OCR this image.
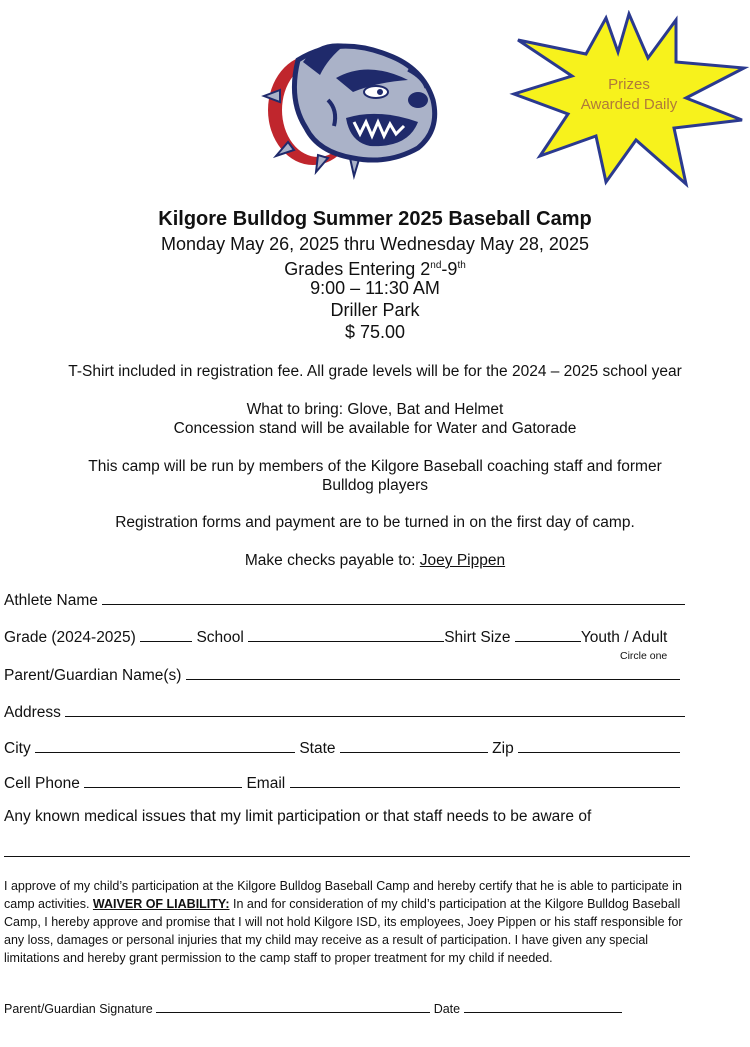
Prizes
Awarded Daily
Kilgore Bulldog Summer 2025 Baseball Camp
Monday May 26, 2025 thru Wednesday May 28, 2025
Grades Entering 2nd-9th
9:00 – 11:30 AM
Driller Park
$ 75.00
T-Shirt included in registration fee. All grade levels will be for the 2024 – 2025 school year
What to bring: Glove, Bat and Helmet
Concession stand will be available for Water and Gatorade
This camp will be run by members of the Kilgore Baseball coaching staff and former
Bulldog players
Registration forms and payment are to be turned in on the first day of camp.
Make checks payable to: Joey Pippen
Athlete Name
Grade (2024-2025)	School	Shirt Size	Youth / Adult
Circle one
Parent/Guardian Name(s)
Address
City	State	Zip
Cell Phone	Email
Any known medical issues that my limit participation or that staff needs to be aware of
I approve of my child’s participation at the Kilgore Bulldog Baseball Camp and hereby certify that he is able to participate in camp activities. WAIVER OF LIABILITY: In and for consideration of my child’s participation at the Kilgore Bulldog Baseball Camp, I hereby approve and promise that I will not hold Kilgore ISD, its employees, Joey Pippen or his staff responsible for any loss, damages or personal injuries that my child may receive as a result of participation. I have given any special limitations and hereby grant permission to the camp staff to proper treatment for my child if needed.
Parent/Guardian Signature	Date
